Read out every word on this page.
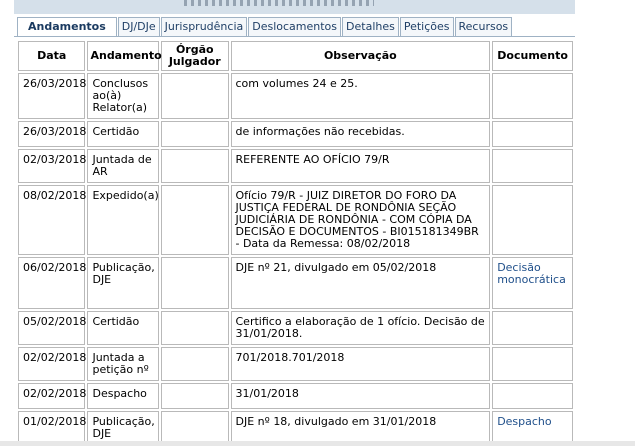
Andamentos	DJ/DJe Jurisprudência Deslocamentos Detalhes Petições Recursos
Data	Andamento	Órgão Julgador	Observação	Documento
26/03/2018	Conclusos ao(à) Relator(a)		com volumes 24 e 25.	
26/03/2018	Certidão		de informações não recebidas.	
02/03/2018	Juntada de AR		REFERENTE AO OFÍCIO 79/R	
08/02/2018	Expedido(a)		Ofício 79/R - JUIZ DIRETOR DO FORO DA JUSTIÇA FEDERAL DE RONDÔNIA SEÇÃO JUDICIÁRIA DE RONDÔNIA - COM CÓPIA DA DECISÃO E DOCUMENTOS - BI015181349BR - Data da Remessa: 08/02/2018	
06/02/2018	Publicação, DJE		DJE nº 21, divulgado em 05/02/2018	Decisão monocrática
05/02/2018	Certidão		Certifico a elaboração de 1 ofício. Decisão de 31/01/2018.	
02/02/2018	Juntada a petição nº		701/2018.701/2018	
02/02/2018	Despacho		31/01/2018	
01/02/2018	Publicação, DJE		DJE nº 18, divulgado em 31/01/2018	Despacho
